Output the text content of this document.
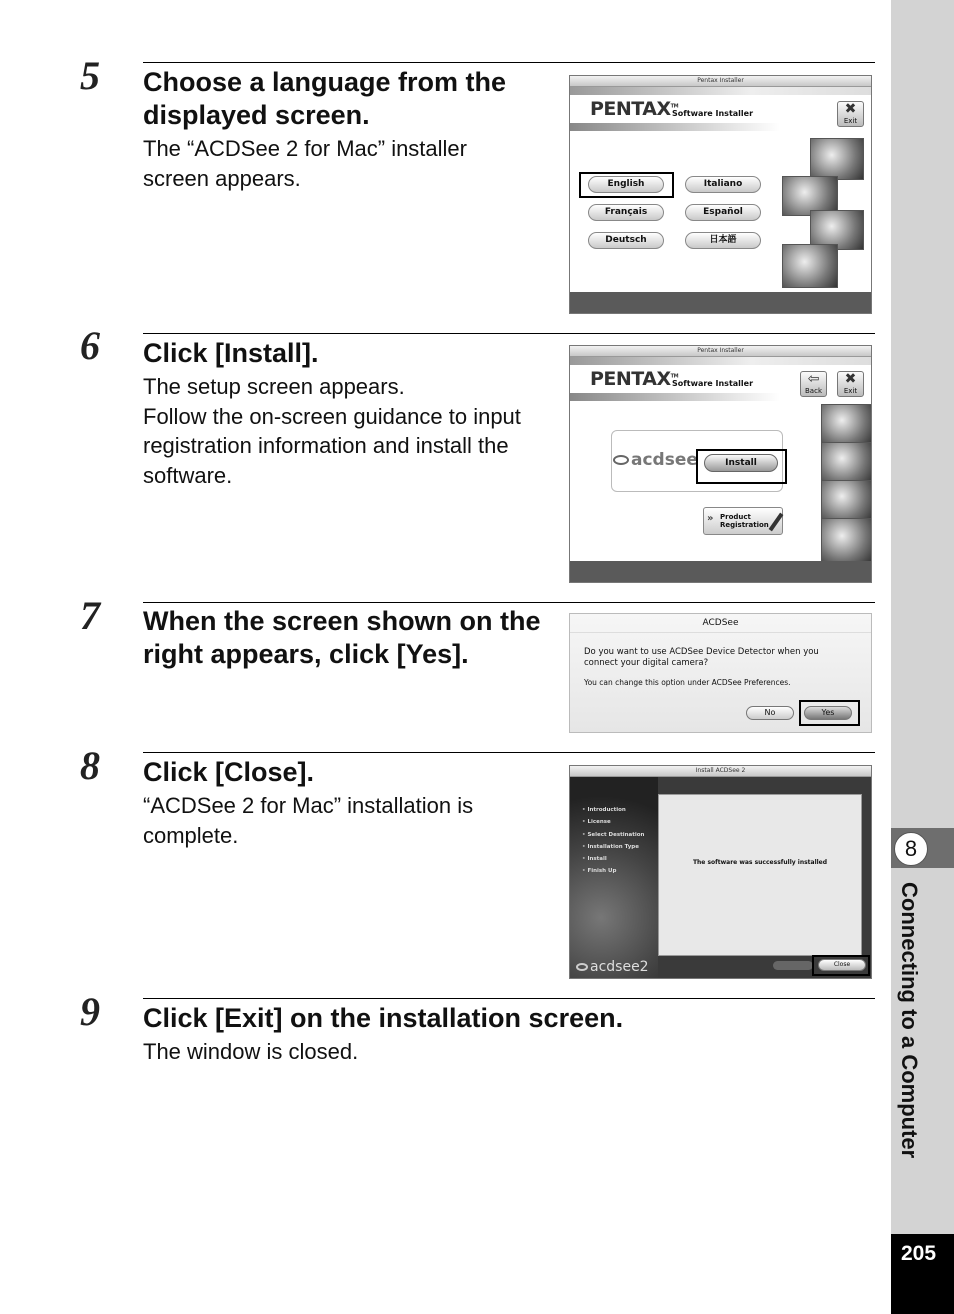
8
Connecting to a Computer
205
5 Choose a language from the
displayed screen.
The “ACDSee 2 for Mac” installer
screen appears.
Pentax Installer
PENTAX™
Software Installer	✖
Exit
English	Italiano
Français	Español
Deutsch	日本語
6 Click [Install].
The setup screen appears.
Follow the on-screen guidance to input
registration information and install the
software.
Pentax Installer
PENTAX™
Software Installer	⇦
Back
✖
Exit
acdsee	Install
» Product
Registration
7 When the screen shown on the
right appears, click [Yes].
ACDSee
Do you want to use ACDSee Device Detector when you
connect your digital camera?
You can change this option under ACDSee Preferences.
No	Yes
8 Click [Close].
“ACDSee 2 for Mac” installation is
complete.
Install ACDSee 2
• Introduction
• License
• Select Destination
• Installation Type
• Install
• Finish Up
The software was successfully installed
acdsee2	Close
9 Click [Exit] on the installation screen.
The window is closed.
